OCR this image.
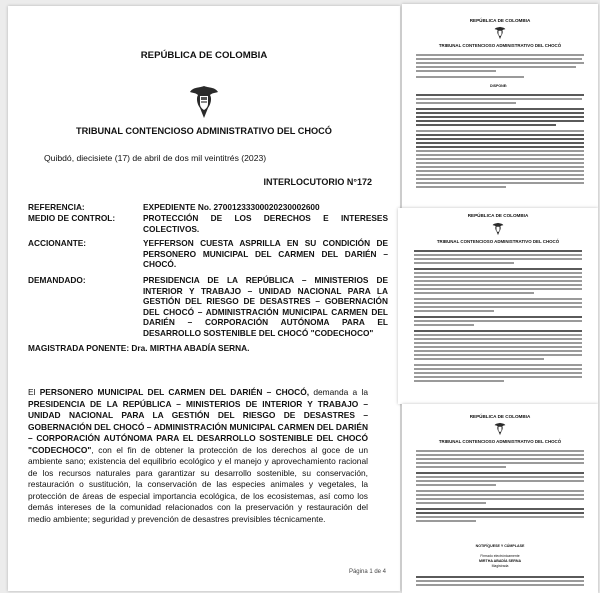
REPÚBLICA DE COLOMBIA
TRIBUNAL CONTENCIOSO ADMINISTRATIVO DEL CHOCÓ
Quibdó, diecisiete (17) de abril de dos mil veintitrés (2023)
INTERLOCUTORIO N°172
REFERENCIA:	EXPEDIENTE No. 27001233300020230002600
MEDIO DE CONTROL:	PROTECCIÓN DE LOS DERECHOS E INTERESES COLECTIVOS.
ACCIONANTE:	YEFFERSON CUESTA ASPRILLA EN SU CONDICIÓN DE PERSONERO MUNICIPAL DEL CARMEN DEL DARIÉN – CHOCÓ.
DEMANDADO:	PRESIDENCIA DE LA REPÚBLICA – MINISTERIOS DE INTERIOR Y TRABAJO – UNIDAD NACIONAL PARA LA GESTIÓN DEL RIESGO DE DESASTRES – GOBERNACIÓN DEL CHOCÓ – ADMINISTRACIÓN MUNICIPAL CARMEN DEL DARIÉN – CORPORACIÓN AUTÓNOMA PARA EL DESARROLLO SOSTENIBLE DEL CHOCÓ "CODECHOCO"
MAGISTRADA PONENTE: Dra. MIRTHA ABADÍA SERNA.
El PERSONERO MUNICIPAL DEL CARMEN DEL DARIÉN – CHOCÓ, demanda a la PRESIDENCIA DE LA REPÚBLICA – MINISTERIOS DE INTERIOR Y TRABAJO – UNIDAD NACIONAL PARA LA GESTIÓN DEL RIESGO DE DESASTRES – GOBERNACIÓN DEL CHOCÓ – ADMINISTRACIÓN MUNICIPAL CARMEN DEL DARIÉN – CORPORACIÓN AUTÓNOMA PARA EL DESARROLLO SOSTENIBLE DEL CHOCÓ "CODECHOCO", con el fin de obtener la protección de los derechos al goce de un ambiente sano; existencia del equilibrio ecológico y el manejo y aprovechamiento racional de los recursos naturales para garantizar su desarrollo sostenible, su conservación, restauración o sustitución, la conservación de las especies animales y vegetales, la protección de áreas de especial importancia ecológica, de los ecosistemas, así como los demás intereses de la comunidad relacionados con la preservación y restauración del medio ambiente; seguridad y prevención de desastres previsibles técnicamente.
Página 1 de 4
REPÚBLICA DE COLOMBIA
TRIBUNAL CONTENCIOSO ADMINISTRATIVO DEL CHOCÓ
DISPONE:
REPÚBLICA DE COLOMBIA
TRIBUNAL CONTENCIOSO ADMINISTRATIVO DEL CHOCÓ
REPÚBLICA DE COLOMBIA
TRIBUNAL CONTENCIOSO ADMINISTRATIVO DEL CHOCÓ
NOTIFÍQUESE Y CÚMPLASE
Firmado electrónicamente
MIRTHA ABADÍA SERNA
Magistrada
